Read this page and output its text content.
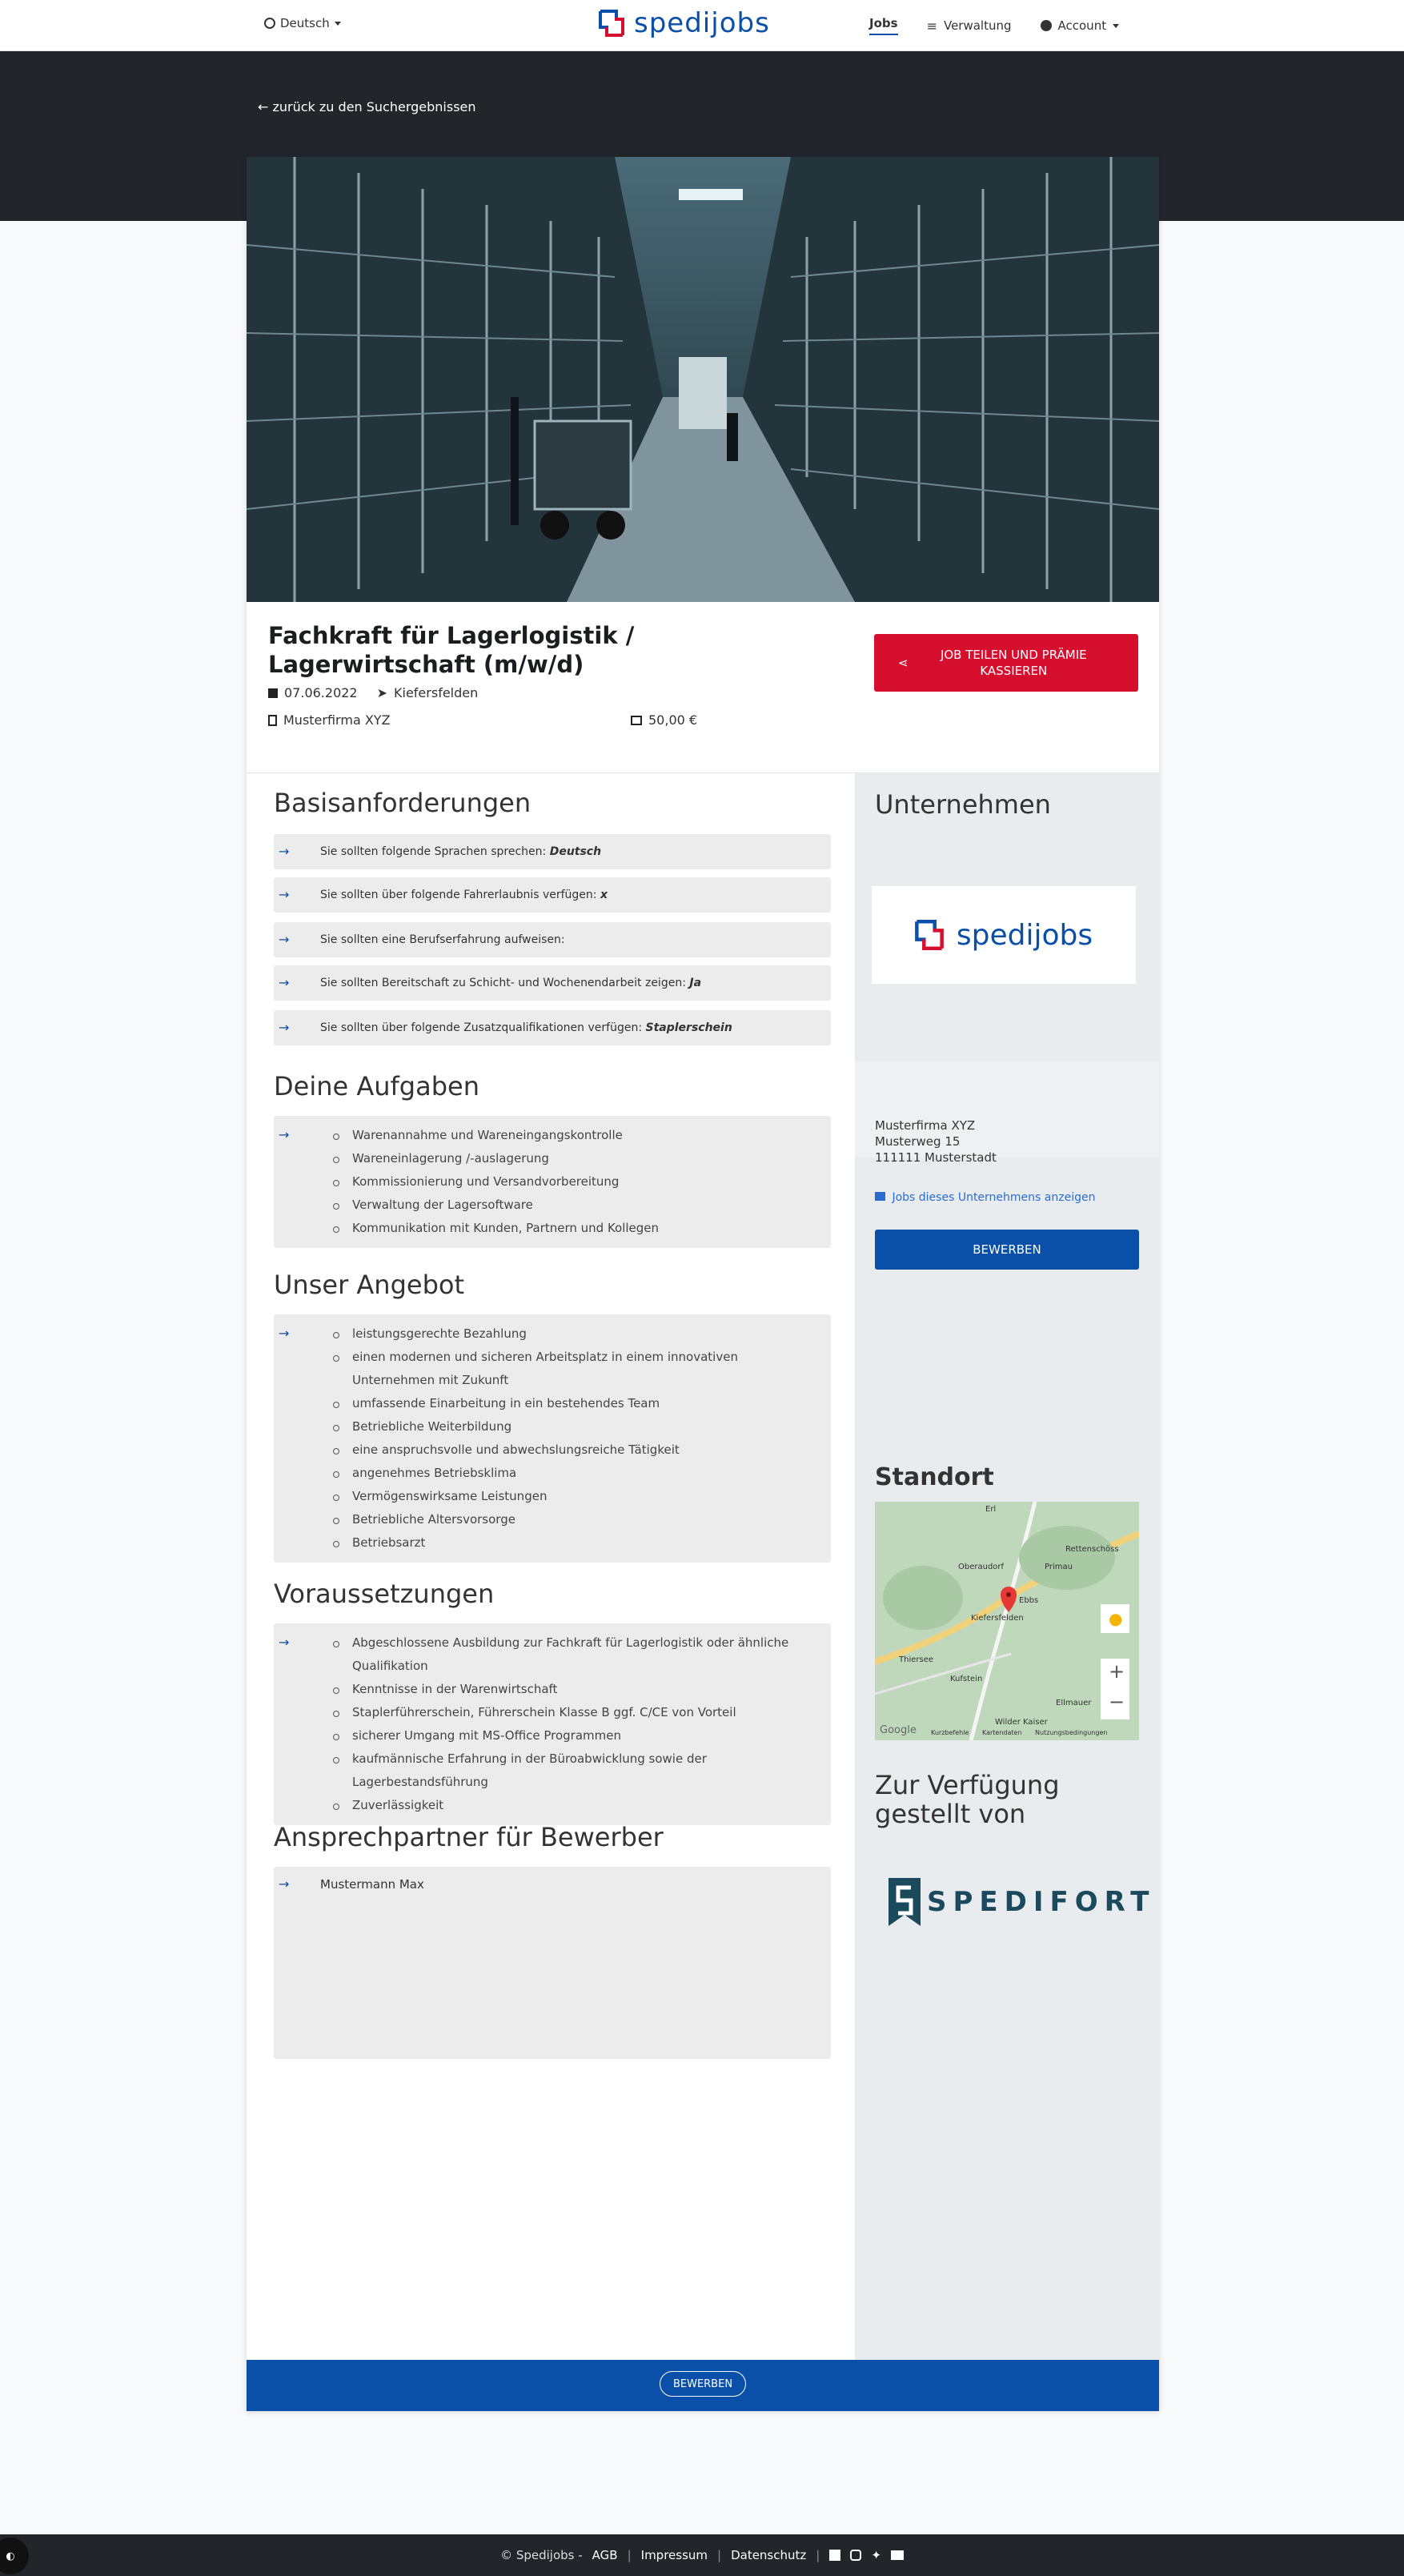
Deutsch	spedijobs	Jobs ≡ Verwaltung	Account
← zurück zu den Suchergebnissen
Fachkraft für Lagerlogistik / Lagerwirtschaft (m/w/d)
07.06.2022 ➤ Kiefersfelden
Musterfirma XYZ	50,00 €
⋖
JOB TEILEN UND PRÄMIE KASSIEREN
Unternehmen
spedijobs
Musterfirma XYZ
Musterweg 15
111111 Musterstadt
Jobs dieses Unternehmens anzeigen
BEWERBEN
Standort
Erl
Rettenschöss
Oberaudorf	Primau
Ebbs
Kiefersfelden
Thiersee
Kufstein
Ellmauer
Wilder Kaiser
●
+
−
Google Kurzbefehle Kartendaten Nutzungsbedingungen
Zur Verfügung gestellt von
SPEDIFORT
Basisanforderungen
→	Sie sollten folgende Sprachen sprechen:
Deutsch
→	Sie sollten über folgende Fahrerlaubnis verfügen:
x
→	Sie sollten eine Berufserfahrung aufweisen:

→	Sie sollten Bereitschaft zu Schicht- und Wochenendarbeit zeigen:
Ja
→	Sie sollten über folgende Zusatzqualifikationen verfügen:
Staplerschein
Deine Aufgaben
→	Warenannahme und Wareneingangskontrolle
Wareneinlagerung /-auslagerung
Kommissionierung und Versandvorbereitung
Verwaltung der Lagersoftware
Kommunikation mit Kunden, Partnern und Kollegen
Unser Angebot
→	leistungsgerechte Bezahlung
einen modernen und sicheren Arbeitsplatz in einem innovativen Unternehmen mit Zukunft
umfassende Einarbeitung in ein bestehendes Team
Betriebliche Weiterbildung
eine anspruchsvolle und abwechslungsreiche Tätigkeit
angenehmes Betriebsklima
Vermögenswirksame Leistungen
Betriebliche Altersvorsorge
Betriebsarzt
Voraussetzungen
→	Abgeschlossene Ausbildung zur Fachkraft für Lagerlogistik oder ähnliche Qualifikation
Kenntnisse in der Warenwirtschaft
Staplerführerschein, Führerschein Klasse B ggf. C/CE von Vorteil
sicherer Umgang mit MS-Office Programmen
kaufmännische Erfahrung in der Büroabwicklung sowie der Lagerbestandsführung
Zuverlässigkeit
Ansprechpartner für Bewerber
→	Mustermann Max
BEWERBEN
© Spedijobs - AGB | Impressum | Datenschutz |	✦
◐
